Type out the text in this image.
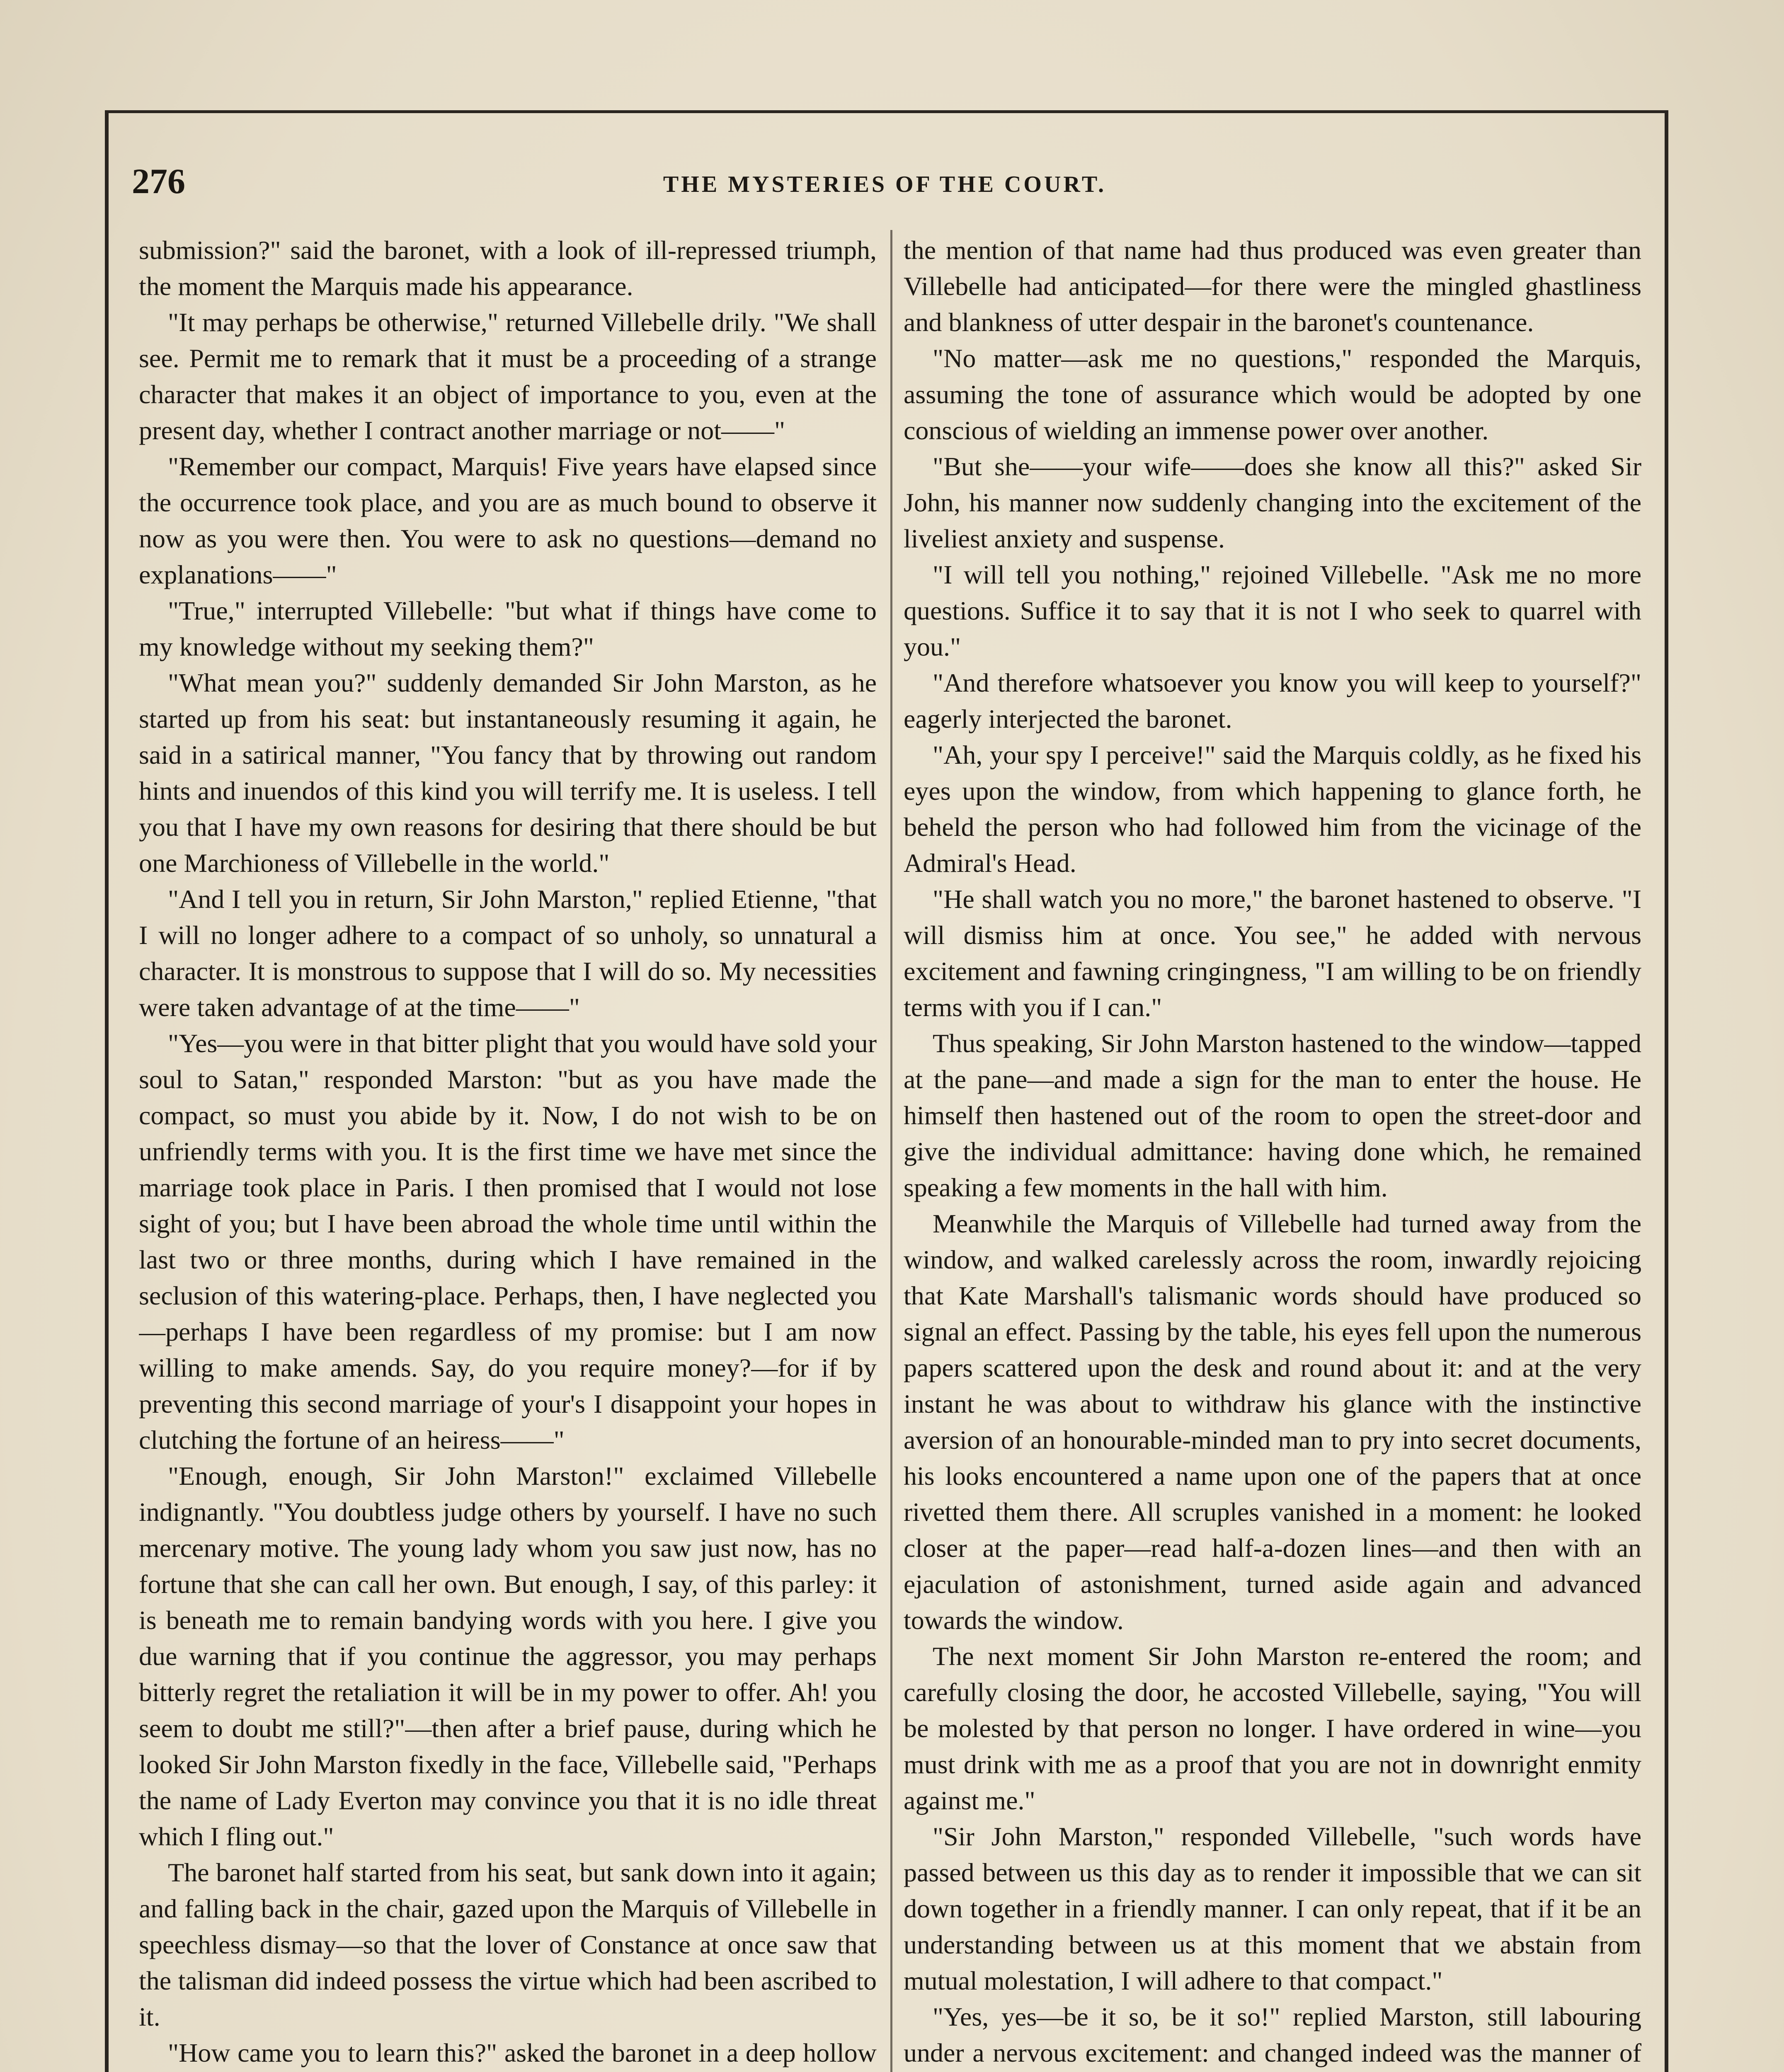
276	THE MYSTERIES OF THE COURT.

submission?" said the baronet, with a look of ill-repressed triumph, the moment the Marquis made his appearance.

"It may perhaps be otherwise," returned Villebelle drily. "We shall see. Permit me to remark that it must be a proceeding of a strange character that makes it an object of importance to you, even at the present day, whether I contract another marriage or not——"

"Remember our compact, Marquis! Five years have elapsed since the occurrence took place, and you are as much bound to observe it now as you were then. You were to ask no questions—demand no explanations——"

"True," interrupted Villebelle: "but what if things have come to my knowledge without my seeking them?"

"What mean you?" suddenly demanded Sir John Marston, as he started up from his seat: but instantaneously resuming it again, he said in a satirical manner, "You fancy that by throwing out random hints and inuendos of this kind you will terrify me. It is useless. I tell you that I have my own reasons for desiring that there should be but one Marchioness of Villebelle in the world."

"And I tell you in return, Sir John Marston," replied Etienne, "that I will no longer adhere to a compact of so unholy, so unnatural a character. It is monstrous to suppose that I will do so. My necessities were taken advantage of at the time——"

"Yes—you were in that bitter plight that you would have sold your soul to Satan," responded Marston: "but as you have made the compact, so must you abide by it. Now, I do not wish to be on unfriendly terms with you. It is the first time we have met since the marriage took place in Paris. I then promised that I would not lose sight of you; but I have been abroad the whole time until within the last two or three months, during which I have remained in the seclusion of this watering-place. Perhaps, then, I have neglected you—perhaps I have been regardless of my promise: but I am now willing to make amends. Say, do you require money?—for if by preventing this second marriage of your's I disappoint your hopes in clutching the fortune of an heiress——"

"Enough, enough, Sir John Marston!" exclaimed Villebelle indignantly. "You doubtless judge others by yourself. I have no such mercenary motive. The young lady whom you saw just now, has no fortune that she can call her own. But enough, I say, of this parley: it is beneath me to remain bandying words with you here. I give you due warning that if you continue the aggressor, you may perhaps bitterly regret the retaliation it will be in my power to offer. Ah! you seem to doubt me still?"—then after a brief pause, during which he looked Sir John Marston fixedly in the face, Villebelle said, "Perhaps the name of Lady Everton may convince you that it is no idle threat which I fling out."

The baronet half started from his seat, but sank down into it again; and falling back in the chair, gazed upon the Marquis of Villebelle in speechless dismay—so that the lover of Constance at once saw that the talisman did indeed possess the virtue which had been ascribed to it.

"How came you to learn this?" asked the baronet in a deep hollow

the mention of that name had thus produced was even greater than Villebelle had anticipated—for there were the mingled ghastliness and blankness of utter despair in the baronet's countenance.

"No matter—ask me no questions," responded the Marquis, assuming the tone of assurance which would be adopted by one conscious of wielding an immense power over another.

"But she——your wife——does she know all this?" asked Sir John, his manner now suddenly changing into the excitement of the liveliest anxiety and suspense.

"I will tell you nothing," rejoined Villebelle. "Ask me no more questions. Suffice it to say that it is not I who seek to quarrel with you."

"And therefore whatsoever you know you will keep to yourself?" eagerly interjected the baronet.

"Ah, your spy I perceive!" said the Marquis coldly, as he fixed his eyes upon the window, from which happening to glance forth, he beheld the person who had followed him from the vicinage of the Admiral's Head.

"He shall watch you no more," the baronet hastened to observe. "I will dismiss him at once. You see," he added with nervous excitement and fawning cringingness, "I am willing to be on friendly terms with you if I can."

Thus speaking, Sir John Marston hastened to the window—tapped at the pane—and made a sign for the man to enter the house. He himself then hastened out of the room to open the street-door and give the individual admittance: having done which, he remained speaking a few moments in the hall with him.

Meanwhile the Marquis of Villebelle had turned away from the window, and walked carelessly across the room, inwardly rejoicing that Kate Marshall's talismanic words should have produced so signal an effect. Passing by the table, his eyes fell upon the numerous papers scattered upon the desk and round about it: and at the very instant he was about to withdraw his glance with the instinctive aversion of an honourable-minded man to pry into secret documents, his looks encountered a name upon one of the papers that at once rivetted them there. All scruples vanished in a moment: he looked closer at the paper—read half-a-dozen lines—and then with an ejaculation of astonishment, turned aside again and advanced towards the window.

The next moment Sir John Marston re-entered the room; and carefully closing the door, he accosted Villebelle, saying, "You will be molested by that person no longer. I have ordered in wine—you must drink with me as a proof that you are not in downright enmity against me."

"Sir John Marston," responded Villebelle, "such words have passed between us this day as to render it impossible that we can sit down together in a friendly manner. I can only repeat, that if it be an understanding between us at this moment that we abstain from mutual molestation, I will adhere to that compact."

"Yes, yes—be it so, be it so!" replied Marston, still labouring under a nervous excitement: and changed indeed was the manner of
